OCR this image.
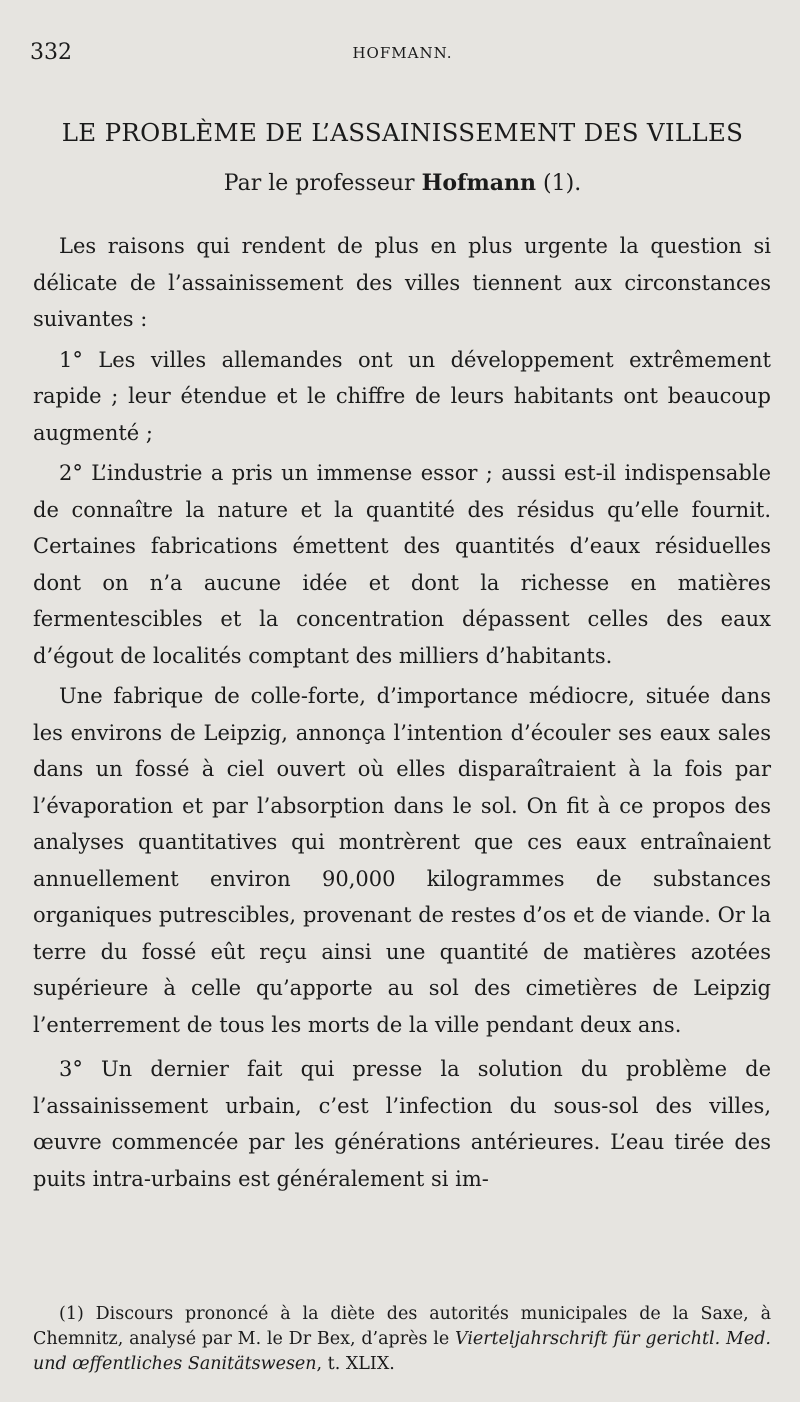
332	HOFMANN.
LE PROBLÈME DE L’ASSAINISSEMENT DES VILLES
Par le professeur Hofmann (1).

Les raisons qui rendent de plus en plus urgente la question si délicate de l’assainissement des villes tiennent aux circonstances suivantes :

1° Les villes allemandes ont un développement extrêmement rapide ; leur étendue et le chiffre de leurs habitants ont beaucoup augmenté ;

2° L’industrie a pris un immense essor ; aussi est-il indispensable de connaître la nature et la quantité des résidus qu’elle fournit. Certaines fabrications émettent des quantités d’eaux résiduelles dont on n’a aucune idée et dont la richesse en matières fermentescibles et la concentration dépassent celles des eaux d’égout de localités comptant des milliers d’habitants.

Une fabrique de colle-forte, d’importance médiocre, située dans les environs de Leipzig, annonça l’intention d’écouler ses eaux sales dans un fossé à ciel ouvert où elles disparaîtraient à la fois par l’évaporation et par l’absorption dans le sol. On fit à ce propos des analyses quantitatives qui montrèrent que ces eaux entraînaient annuellement environ 90,000 kilogrammes de substances organiques putrescibles, provenant de restes d’os et de viande. Or la terre du fossé eût reçu ainsi une quantité de matières azotées supérieure à celle qu’apporte au sol des cimetières de Leipzig l’enterrement de tous les morts de la ville pendant deux ans.

3° Un dernier fait qui presse la solution du problème de l’assainissement urbain, c’est l’infection du sous-sol des villes, œuvre commencée par les générations antérieures. L’eau tirée des puits intra-urbains est généralement si im-

(1) Discours prononcé à la diète des autorités municipales de la Saxe, à Chemnitz, analysé par M. le Dr Bex, d’après le Vierteljahrschrift für gerichtl. Med. und œffentliches Sanitätswesen, t. XLIX.
